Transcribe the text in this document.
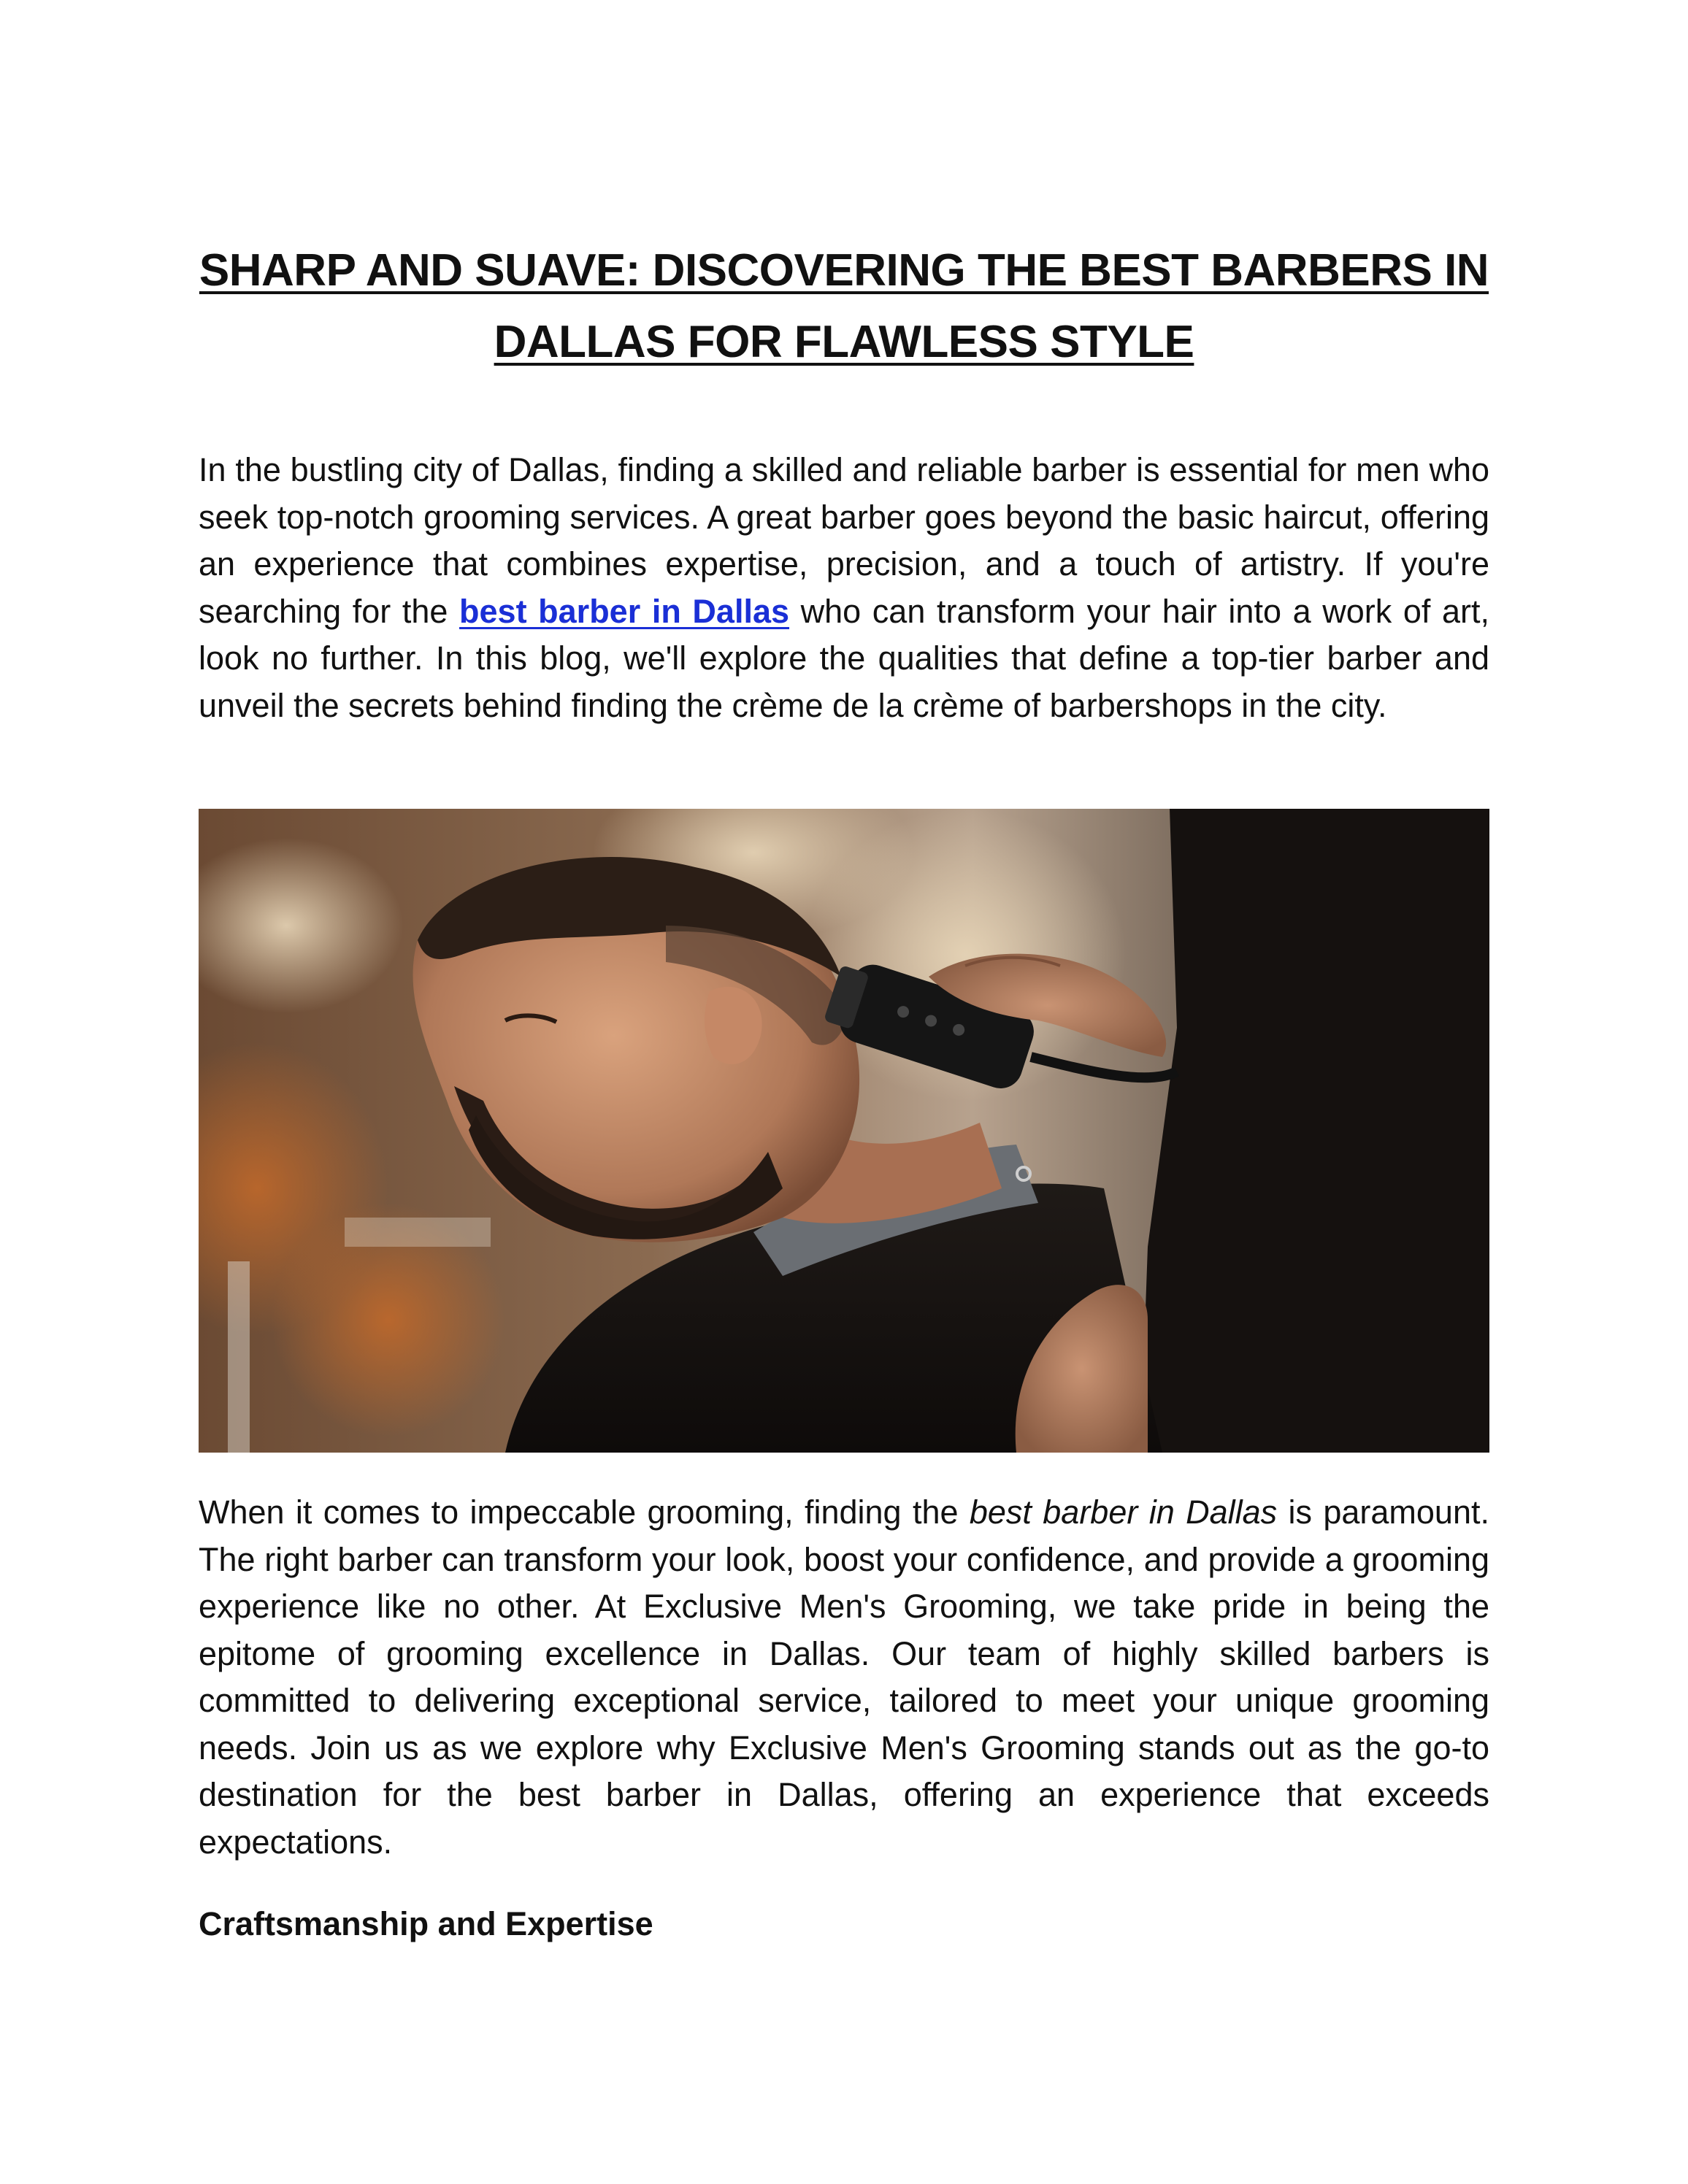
SHARP AND SUAVE: DISCOVERING THE BEST BARBERS IN DALLAS FOR FLAWLESS STYLE

In the bustling city of Dallas, finding a skilled and reliable barber is essential for men who seek top-notch grooming services. A great barber goes beyond the basic haircut, offering an experience that combines expertise, precision, and a touch of artistry. If you're searching for the best barber in Dallas who can transform your hair into a work of art, look no further. In this blog, we'll explore the qualities that define a top-tier barber and unveil the secrets behind finding the crème de la crème of barbershops in the city.

When it comes to impeccable grooming, finding the best barber in Dallas is paramount. The right barber can transform your look, boost your confidence, and provide a grooming experience like no other. At Exclusive Men's Grooming, we take pride in being the epitome of grooming excellence in Dallas. Our team of highly skilled barbers is committed to delivering exceptional service, tailored to meet your unique grooming needs. Join us as we explore why Exclusive Men's Grooming stands out as the go-to destination for the best barber in Dallas, offering an experience that exceeds expectations.

Craftsmanship and Expertise
